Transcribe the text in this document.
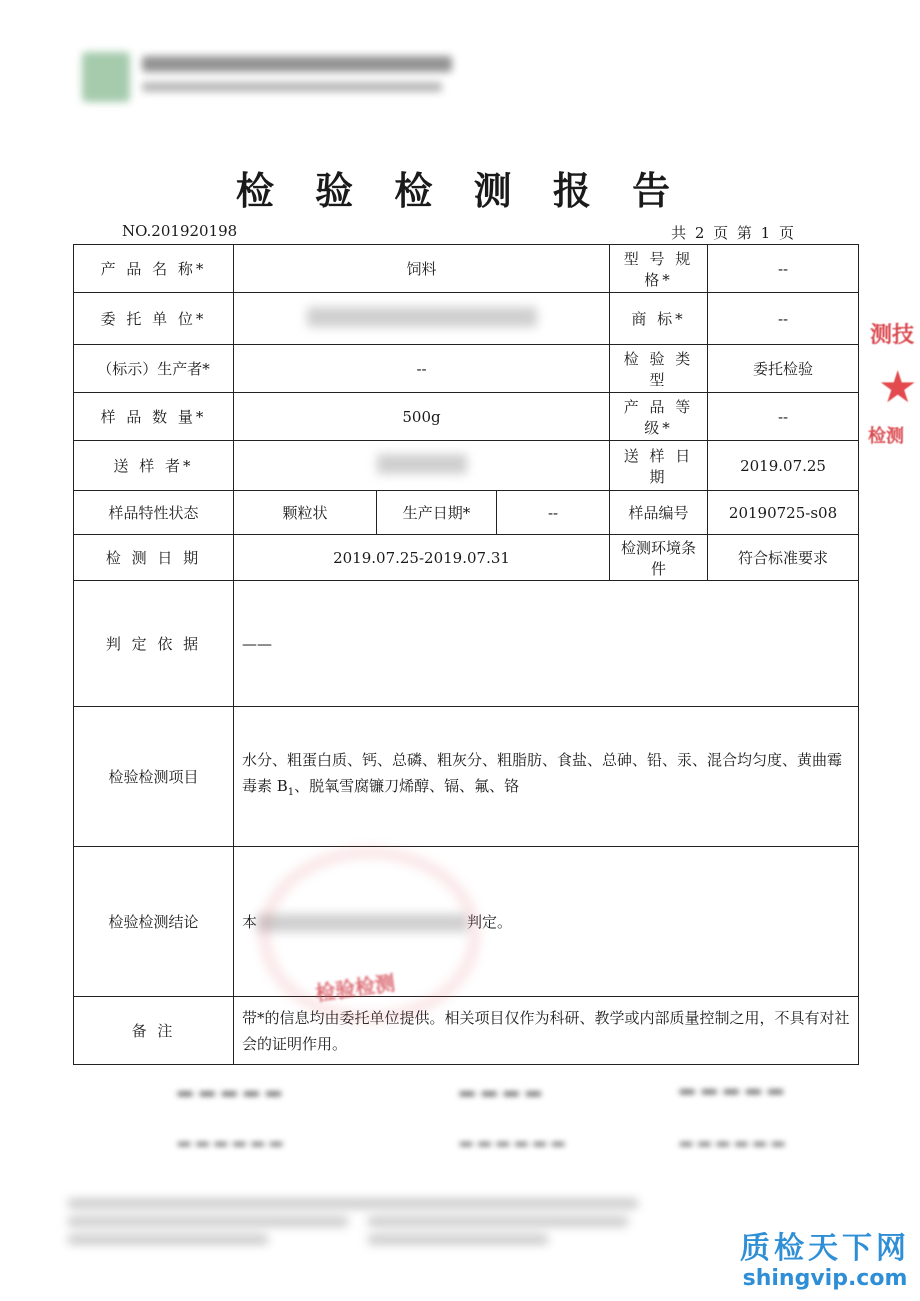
检 验 检 测 报 告
NO.201920198	共 2 页 第 1 页
产 品 名 称*	饲料			型 号 规 格*	--
委 托 单 位*				商 标*	--
（标示）生产者*	--			检 验 类 型	委托检验
样 品 数 量*	500g			产 品 等 级*	--
送 样 者*				送 样 日 期	2019.07.25
样品特性状态	颗粒状	生产日期*	--	样品编号	20190725-s08
检 测 日 期	2019.07.25-2019.07.31			检测环境条件	符合标准要求
判 定 依 据	——				
检验检测项目	水分、粗蛋白质、钙、总磷、粗灰分、粗脂肪、食盐、总砷、铅、汞、混合均匀度、黄曲霉毒素 $B_1$、脱氧雪腐镰刀烯醇、镉、氟、铬				
检验检测结论	本 判定。				
备 注	带*的信息均由委托单位提供。相关项目仅作为科研、教学或内部质量控制之用，不具有对社会的证明作用。				
检验检测
测技
★
检测
━ ━ ━ ━ ━	━ ━ ━ ━	━ ━ ━ ━ ━
━ ━ ━ ━ ━ ━	━ ━ ━ ━ ━ ━	━ ━ ━ ━ ━ ━
质检天下网
shingvip.com
